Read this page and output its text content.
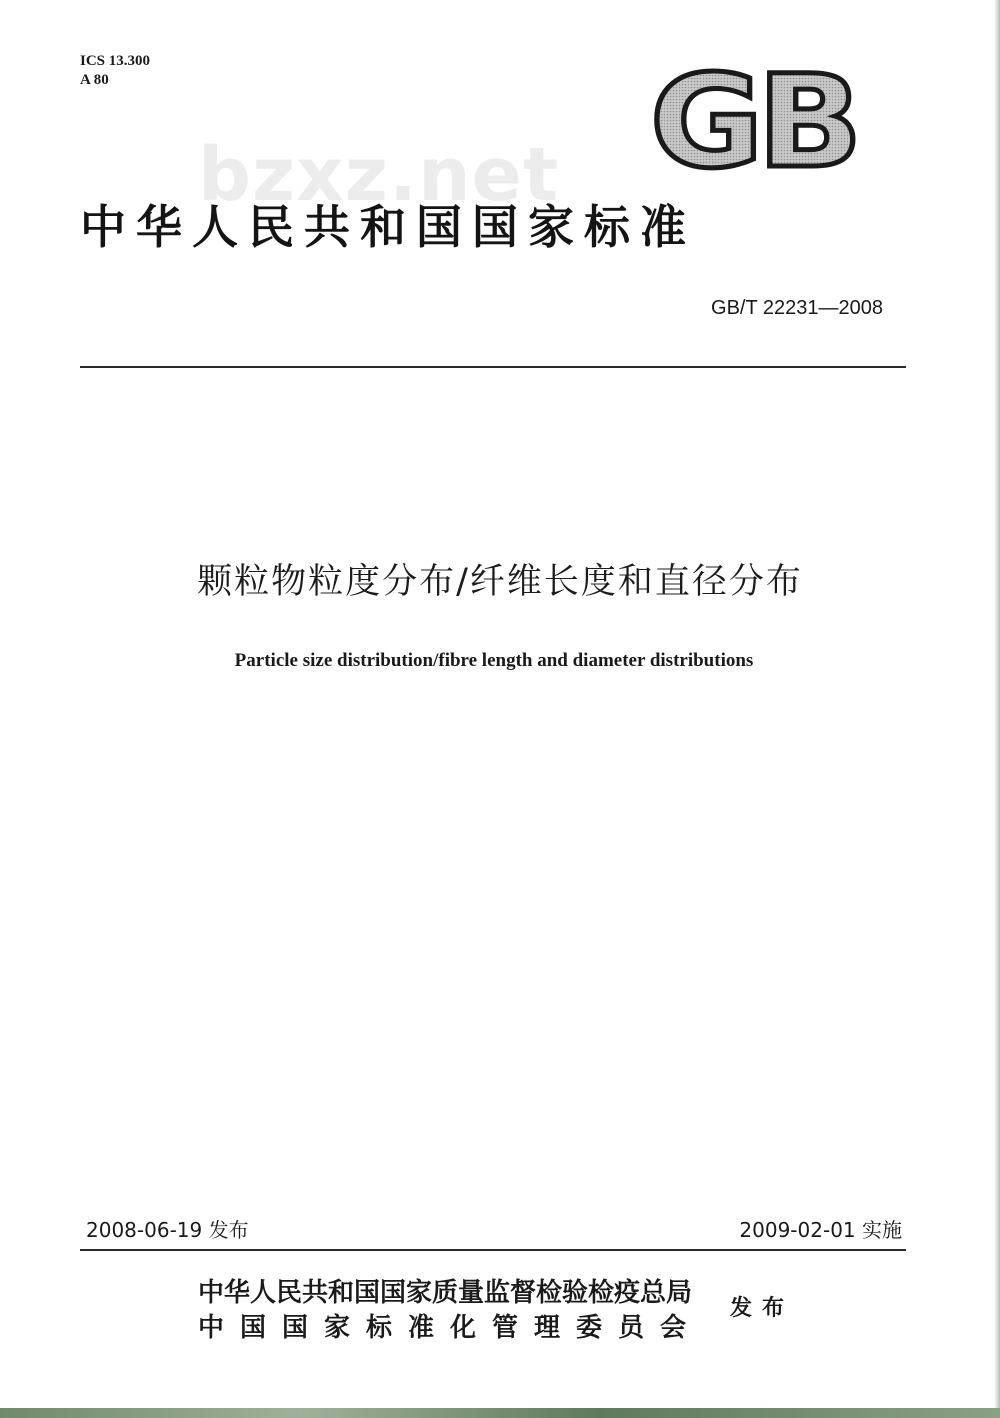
ICS 13.300
A 80	GB
bzxz.net
中华人民共和国国家标准
GB/T 22231—2008
颗粒物粒度分布/纤维长度和直径分布
Particle size distribution/fibre length and diameter distributions
2008-06-19 发布	2009-02-01 实施
中华人民共和国国家质量监督检验检疫总局
中国国家标准化管理委员会
发布
